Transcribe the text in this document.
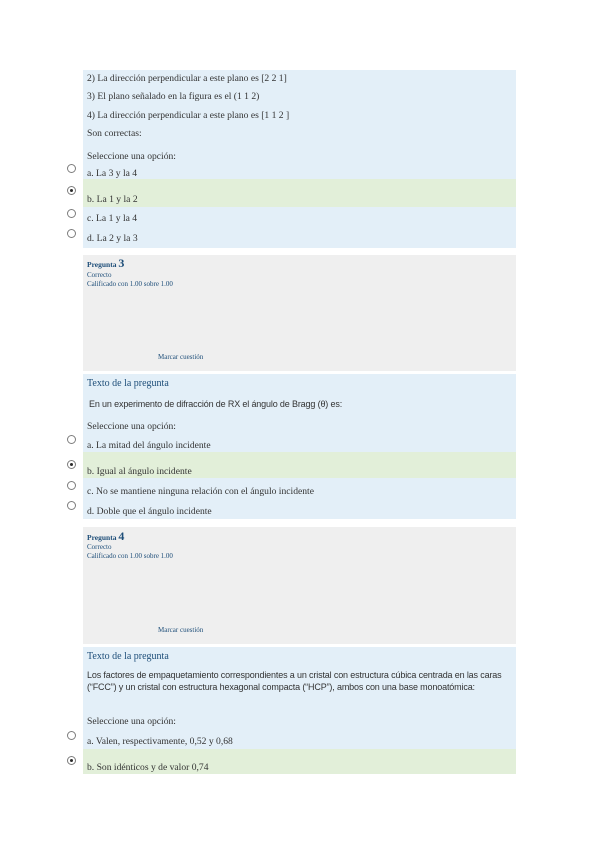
2) La dirección perpendicular a este plano es [2 2 1]
3) El plano señalado en la figura es el (1 1 2)
4) La dirección perpendicular a este plano es [1 1 2 ]
Son correctas:
Seleccione una opción:
a. La 3 y la 4
b. La 1 y la 2
c. La 1 y la 4
d. La 2 y la 3
Pregunta 3
Correcto
Calificado con 1.00 sobre 1.00
Marcar cuestión
Texto de la pregunta
En un experimento de difracción de RX el ángulo de Bragg (θ) es:
Seleccione una opción:
a. La mitad del ángulo incidente
b. Igual al ángulo incidente
c. No se mantiene ninguna relación con el ángulo incidente
d. Doble que el ángulo incidente
Pregunta 4
Correcto
Calificado con 1.00 sobre 1.00
Marcar cuestión
Texto de la pregunta
Los factores de empaquetamiento correspondientes a un cristal con estructura cúbica centrada en las caras (“FCC”) y un cristal con estructura hexagonal compacta (“HCP”), ambos con una base monoatómica:
Seleccione una opción:
a. Valen, respectivamente, 0,52 y 0,68
b. Son idénticos y de valor 0,74
